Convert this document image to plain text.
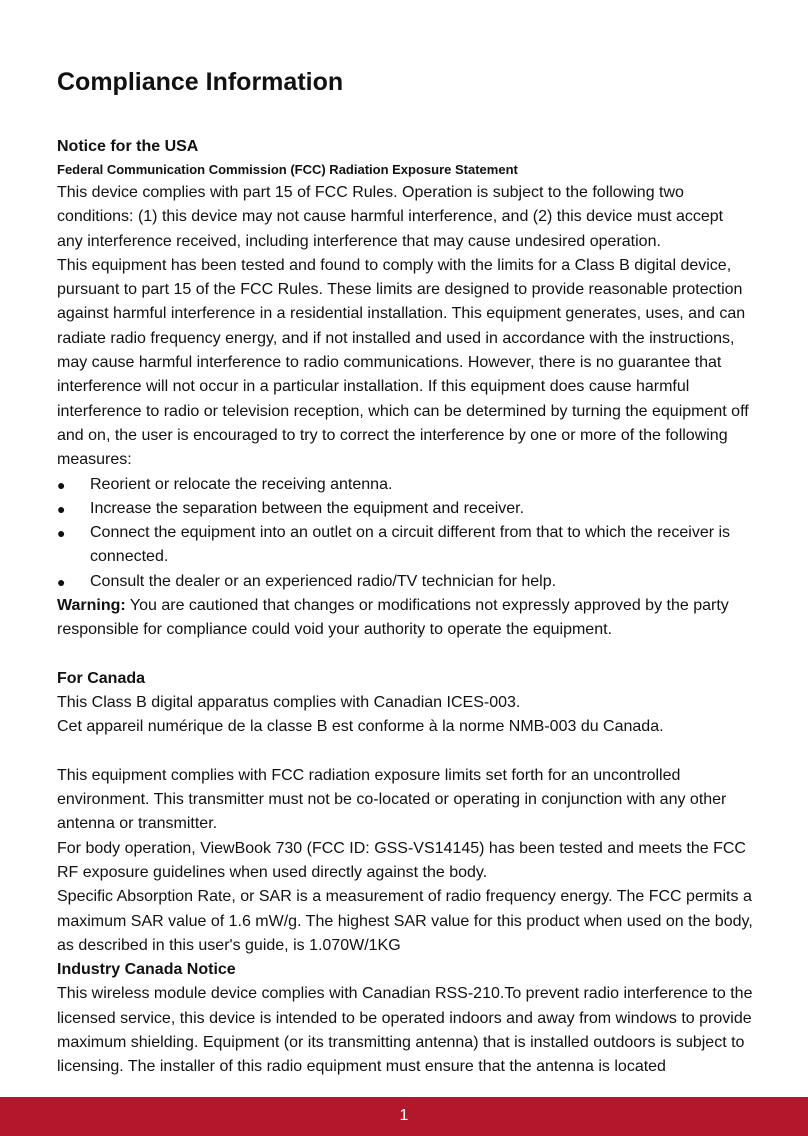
Compliance Information
Notice for the USA
Federal Communication Commission (FCC) Radiation Exposure Statement

This device complies with part 15 of FCC Rules. Operation is subject to the following two conditions: (1) this device may not cause harmful interference, and (2) this device must accept any interference received, including interference that may cause undesired operation.

This equipment has been tested and found to comply with the limits for a Class B digital device, pursuant to part 15 of the FCC Rules. These limits are designed to provide reasonable protection against harmful interference in a residential installation. This equipment generates, uses, and can radiate radio frequency energy, and if not installed and used in accordance with the instructions, may cause harmful interference to radio communications. However, there is no guarantee that interference will not occur in a particular installation. If this equipment does cause harmful interference to radio or television reception, which can be determined by turning the equipment off and on, the user is encouraged to try to correct the interference by one or more of the following measures:

● Reorient or relocate the receiving antenna.
● Increase the separation between the equipment and receiver.
● Connect the equipment into an outlet on a circuit different from that to which the receiver is connected.
● Consult the dealer or an experienced radio/TV technician for help.

Warning: You are cautioned that changes or modifications not expressly approved by the party responsible for compliance could void your authority to operate the equipment.

For Canada

This Class B digital apparatus complies with Canadian ICES-003.

Cet appareil numérique de la classe B est conforme à la norme NMB-003 du Canada.

This equipment complies with FCC radiation exposure limits set forth for an uncontrolled environment. This transmitter must not be co-located or operating in conjunction with any other antenna or transmitter.

For body operation, ViewBook 730 (FCC ID: GSS-VS14145) has been tested and meets the FCC RF exposure guidelines when used directly against the body.

Specific Absorption Rate, or SAR is a measurement of radio frequency energy. The FCC permits a maximum SAR value of 1.6 mW/g. The highest SAR value for this product when used on the body, as described in this user's guide, is 1.070W/1KG

Industry Canada Notice

This wireless module device complies with Canadian RSS-210.To prevent radio interference to the licensed service, this device is intended to be operated indoors and away from windows to provide maximum shielding. Equipment (or its transmitting antenna) that is installed outdoors is subject to licensing. The installer of this radio equipment must ensure that the antenna is located

1
